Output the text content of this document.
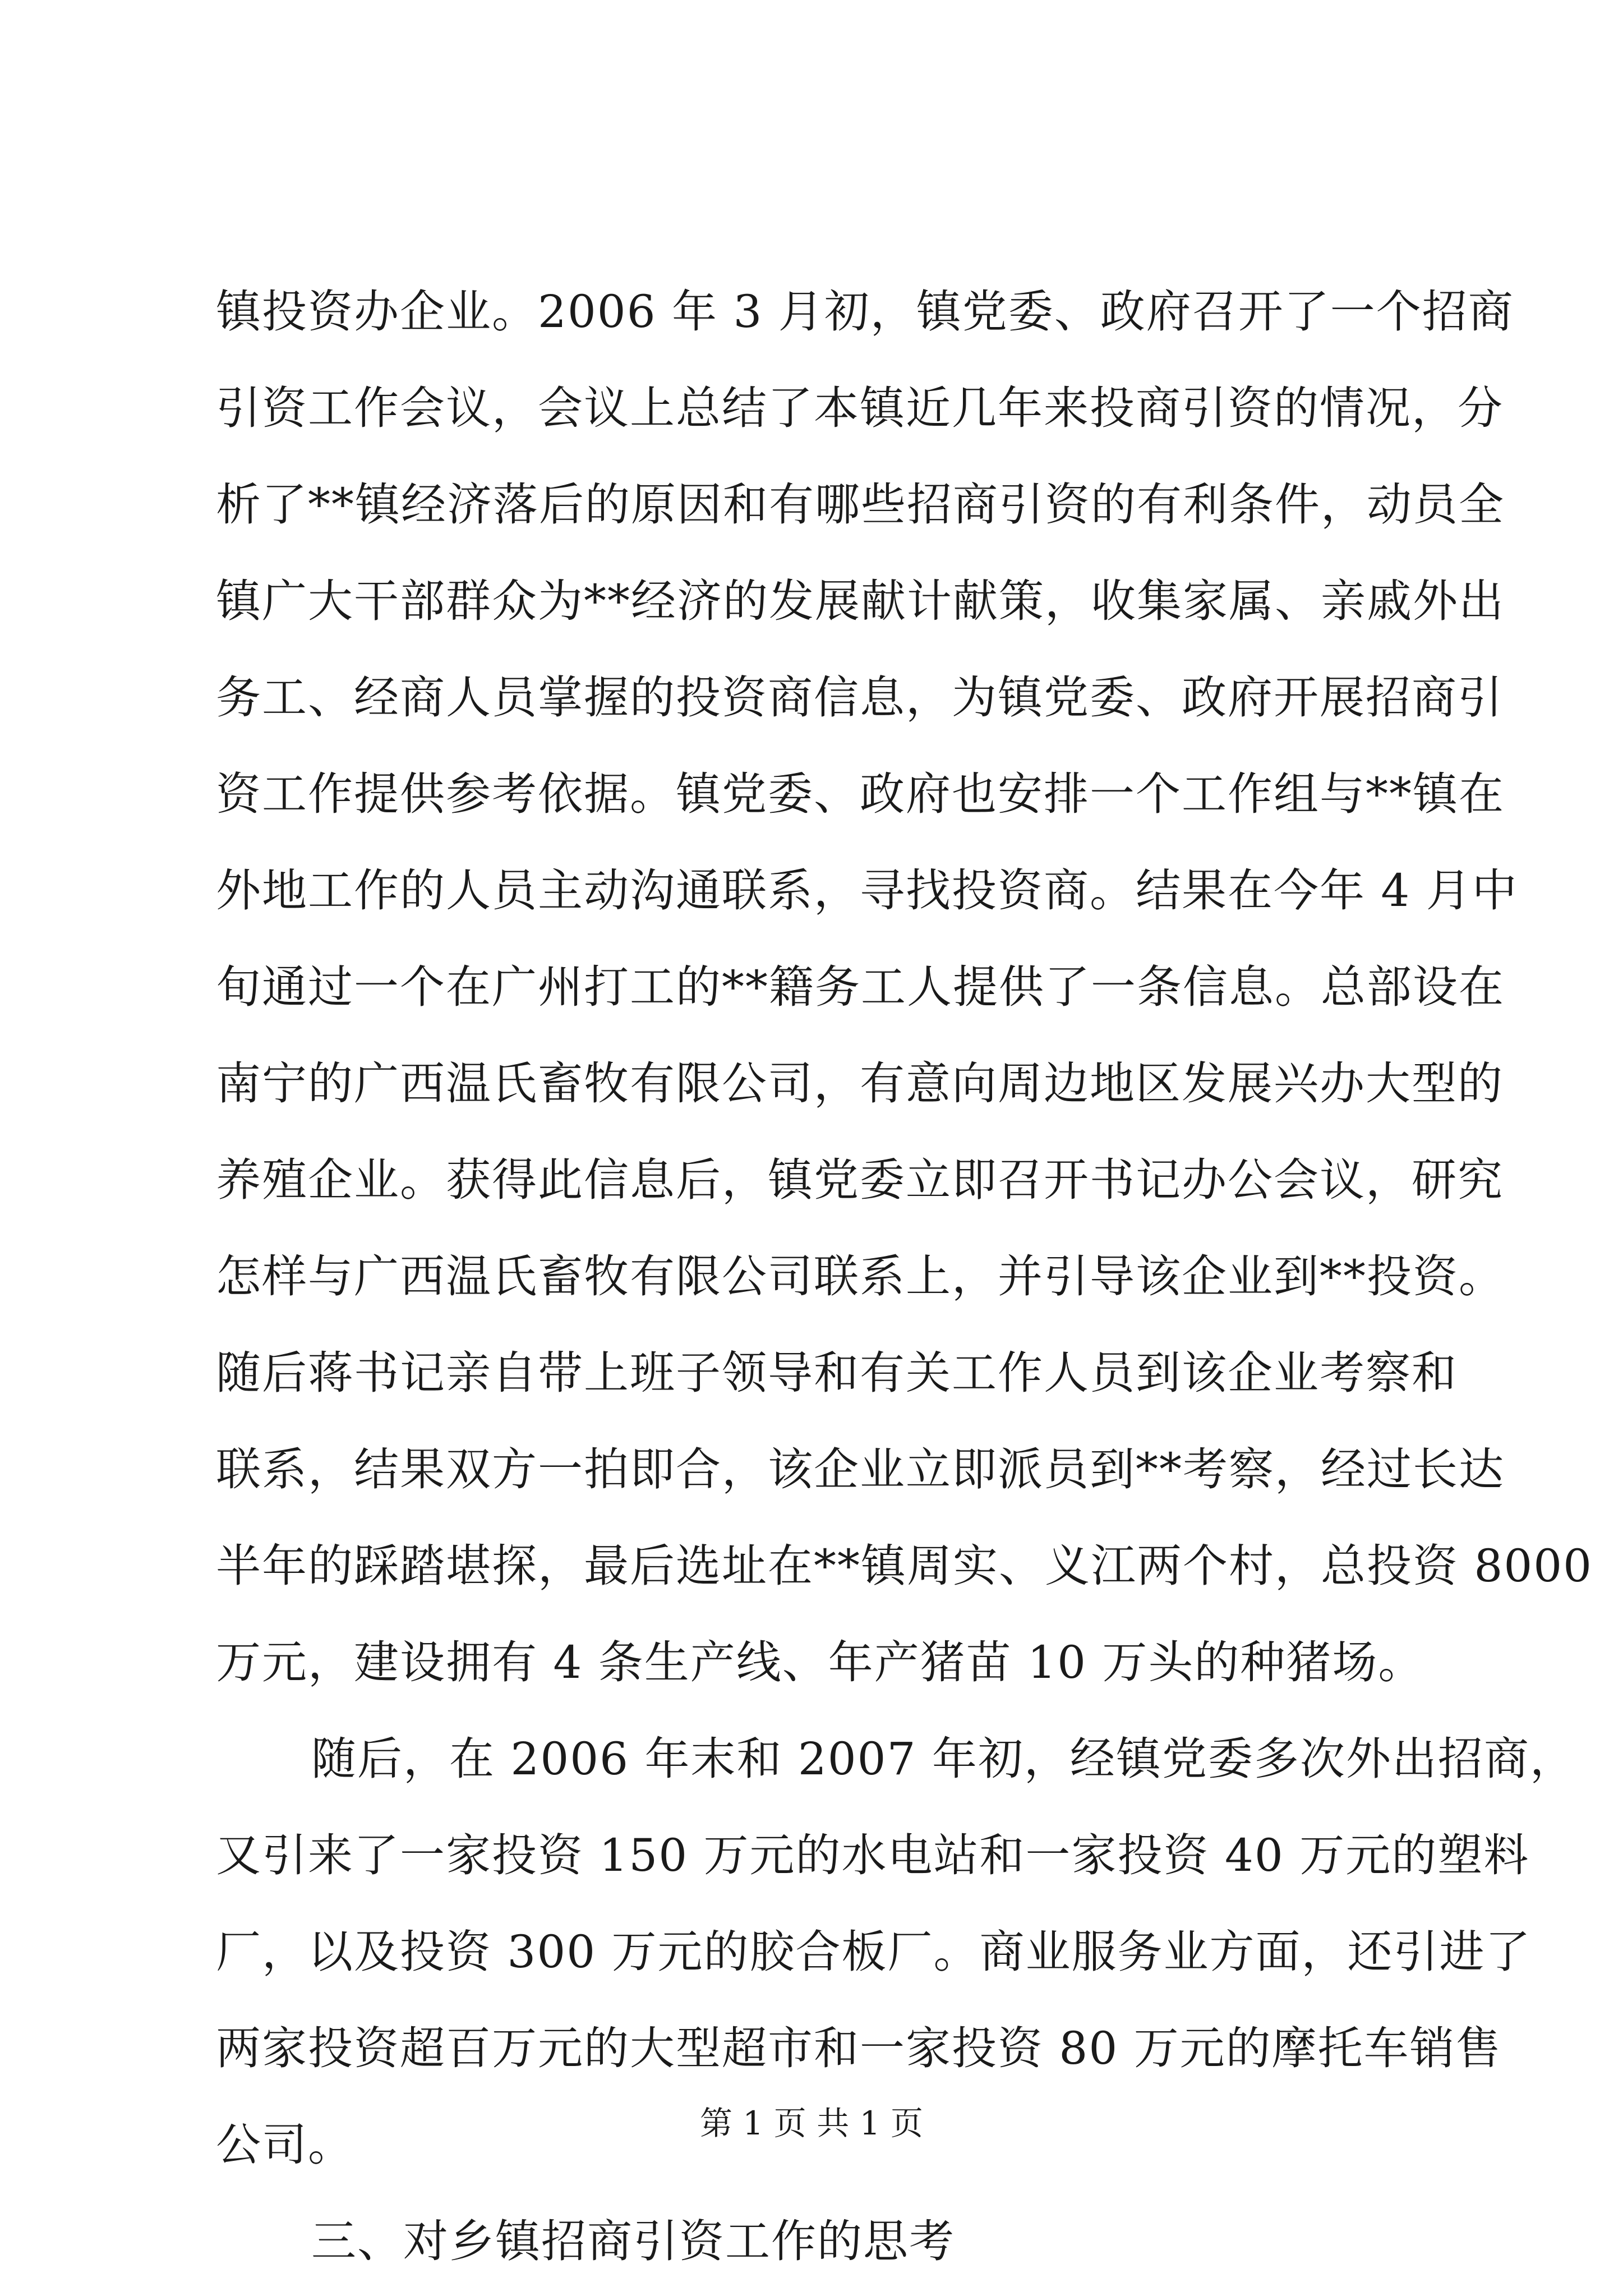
镇投资办企业。2006 年 3 月初，镇党委、政府召开了一个招商
引资工作会议，会议上总结了本镇近几年来投商引资的情况，分
析了**镇经济落后的原因和有哪些招商引资的有利条件，动员全
镇广大干部群众为**经济的发展献计献策，收集家属、亲戚外出
务工、经商人员掌握的投资商信息，为镇党委、政府开展招商引
资工作提供参考依据。镇党委、政府也安排一个工作组与**镇在
外地工作的人员主动沟通联系，寻找投资商。结果在今年 4 月中
旬通过一个在广州打工的**籍务工人提供了一条信息。总部设在
南宁的广西温氏畜牧有限公司，有意向周边地区发展兴办大型的
养殖企业。获得此信息后，镇党委立即召开书记办公会议，研究
怎样与广西温氏畜牧有限公司联系上，并引导该企业到**投资。
随后蒋书记亲自带上班子领导和有关工作人员到该企业考察和
联系，结果双方一拍即合，该企业立即派员到**考察，经过长达
半年的踩踏堪探，最后选址在**镇周实、义江两个村，总投资 8000
万元，建设拥有 4 条生产线、年产猪苗 10 万头的种猪场。
随后，在 2006 年末和 2007 年初，经镇党委多次外出招商，
又引来了一家投资 150 万元的水电站和一家投资 40 万元的塑料
厂，以及投资 300 万元的胶合板厂。商业服务业方面，还引进了
两家投资超百万元的大型超市和一家投资 80 万元的摩托车销售
公司。
三、对乡镇招商引资工作的思考
第 1 页 共 1 页
